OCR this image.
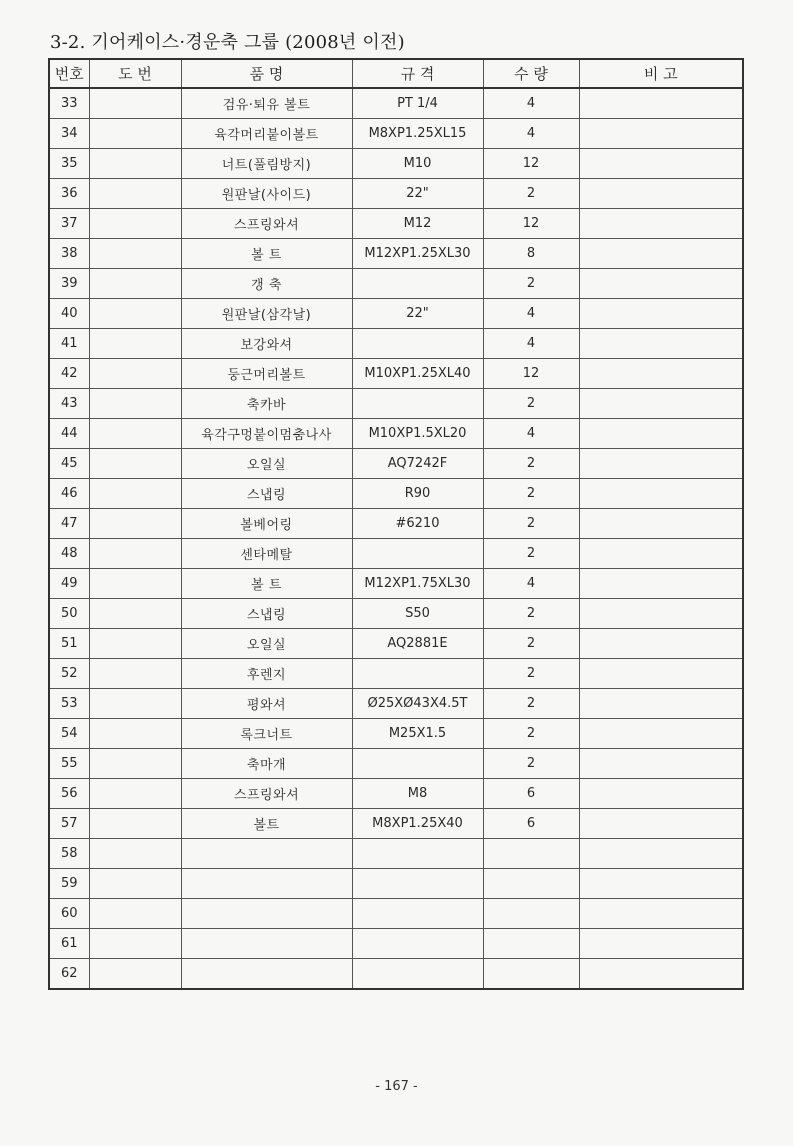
3-2. 기어케이스·경운축 그룹 (2008년 이전)
번호	도 번	품 명	규 격	수 량	비 고
33		검유·퇴유 볼트	PT 1/4	4	
34		육각머리붙이볼트	M8XP1.25XL15	4	
35		너트(풀림방지)	M10	12	
36		원판날(사이드)	22"	2	
37		스프링와셔	M12	12	
38		볼 트	M12XP1.25XL30	8	
39		갱 축		2	
40		원판날(삼각날)	22"	4	
41		보강와셔		4	
42		둥근머리볼트	M10XP1.25XL40	12	
43		축카바		2	
44		육각구멍붙이멈춤나사	M10XP1.5XL20	4	
45		오일실	AQ7242F	2	
46		스냅링	R90	2	
47		볼베어링	#6210	2	
48		센타메탈		2	
49		볼 트	M12XP1.75XL30	4	
50		스냅링	S50	2	
51		오일실	AQ2881E	2	
52		후렌지		2	
53		평와셔	Ø25XØ43X4.5T	2	
54		록크너트	M25X1.5	2	
55		축마개		2	
56		스프링와셔	M8	6	
57		볼트	M8XP1.25X40	6	
58					
59					
60					
61					
62					
- 167 -
